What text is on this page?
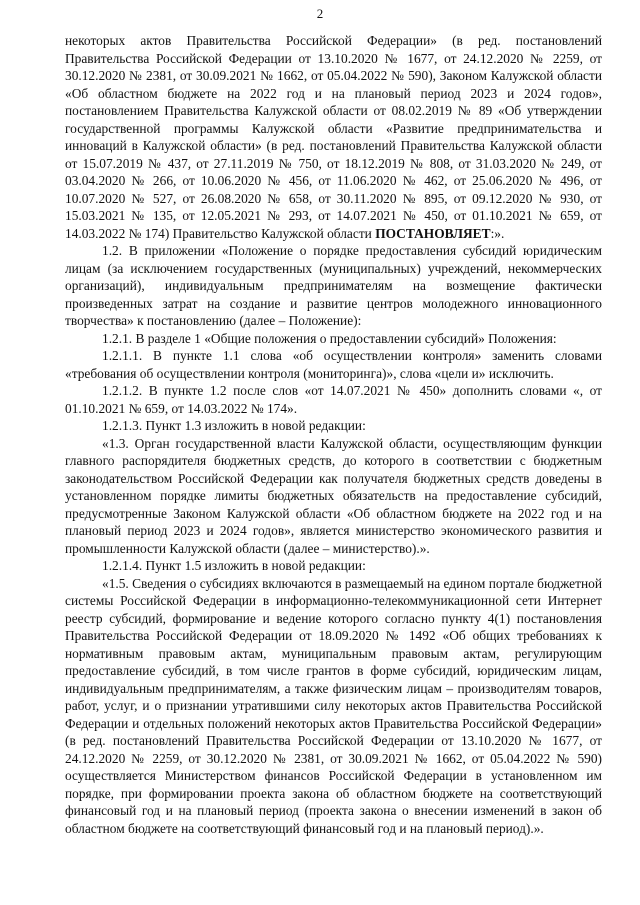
2

некоторых актов Правительства Российской Федерации» (в ред. постановлений Правительства Российской Федерации от 13.10.2020 № 1677, от 24.12.2020 № 2259, от 30.12.2020 № 2381, от 30.09.2021 № 1662, от 05.04.2022 № 590), Законом Калужской области «Об областном бюджете на 2022 год и на плановый период 2023 и 2024 годов», постановлением Правительства Калужской области от 08.02.2019 № 89 «Об утверждении государственной программы Калужской области «Развитие предпринимательства и инноваций в Калужской области» (в ред. постановлений Правительства Калужской области от 15.07.2019 № 437, от 27.11.2019 № 750, от 18.12.2019 № 808, от 31.03.2020 № 249, от 03.04.2020 № 266, от 10.06.2020 № 456, от 11.06.2020 № 462, от 25.06.2020 № 496, от 10.07.2020 № 527, от 26.08.2020 № 658, от 30.11.2020 № 895, от 09.12.2020 № 930, от 15.03.2021 № 135, от 12.05.2021 № 293, от 14.07.2021 № 450, от 01.10.2021 № 659, от 14.03.2022 № 174) Правительство Калужской области ПОСТАНОВЛЯЕТ:».

1.2. В приложении «Положение о порядке предоставления субсидий юридическим лицам (за исключением государственных (муниципальных) учреждений, некоммерческих организаций), индивидуальным предпринимателям на возмещение фактически произведенных затрат на создание и развитие центров молодежного инновационного творчества» к постановлению (далее – Положение):

1.2.1. В разделе 1 «Общие положения о предоставлении субсидий» Положения:

1.2.1.1. В пункте 1.1 слова «об осуществлении контроля» заменить словами «требования об осуществлении контроля (мониторинга)», слова «цели и» исключить.

1.2.1.2. В пункте 1.2 после слов «от 14.07.2021 № 450» дополнить словами «, от 01.10.2021 № 659, от 14.03.2022 № 174».

1.2.1.3. Пункт 1.3 изложить в новой редакции:

«1.3. Орган государственной власти Калужской области, осуществляющим функции главного распорядителя бюджетных средств, до которого в соответствии с бюджетным законодательством Российской Федерации как получателя бюджетных средств доведены в установленном порядке лимиты бюджетных обязательств на предоставление субсидий, предусмотренные Законом Калужской области «Об областном бюджете на 2022 год и на плановый период 2023 и 2024 годов», является министерство экономического развития и промышленности Калужской области (далее – министерство).».

1.2.1.4. Пункт 1.5 изложить в новой редакции:

«1.5. Сведения о субсидиях включаются в размещаемый на едином портале бюджетной системы Российской Федерации в информационно-телекоммуникационной сети Интернет реестр субсидий, формирование и ведение которого согласно пункту 4(1) постановления Правительства Российской Федерации от 18.09.2020 № 1492 «Об общих требованиях к нормативным правовым актам, муниципальным правовым актам, регулирующим предоставление субсидий, в том числе грантов в форме субсидий, юридическим лицам, индивидуальным предпринимателям, а также физическим лицам – производителям товаров, работ, услуг, и о признании утратившими силу некоторых актов Правительства Российской Федерации и отдельных положений некоторых актов Правительства Российской Федерации» (в ред. постановлений Правительства Российской Федерации от 13.10.2020 № 1677, от 24.12.2020 № 2259, от 30.12.2020 № 2381, от 30.09.2021 № 1662, от 05.04.2022 № 590) осуществляется Министерством финансов Российской Федерации в установленном им порядке, при формировании проекта закона об областном бюджете на соответствующий финансовый год и на плановый период (проекта закона о внесении изменений в закон об областном бюджете на соответствующий финансовый год и на плановый период).».
